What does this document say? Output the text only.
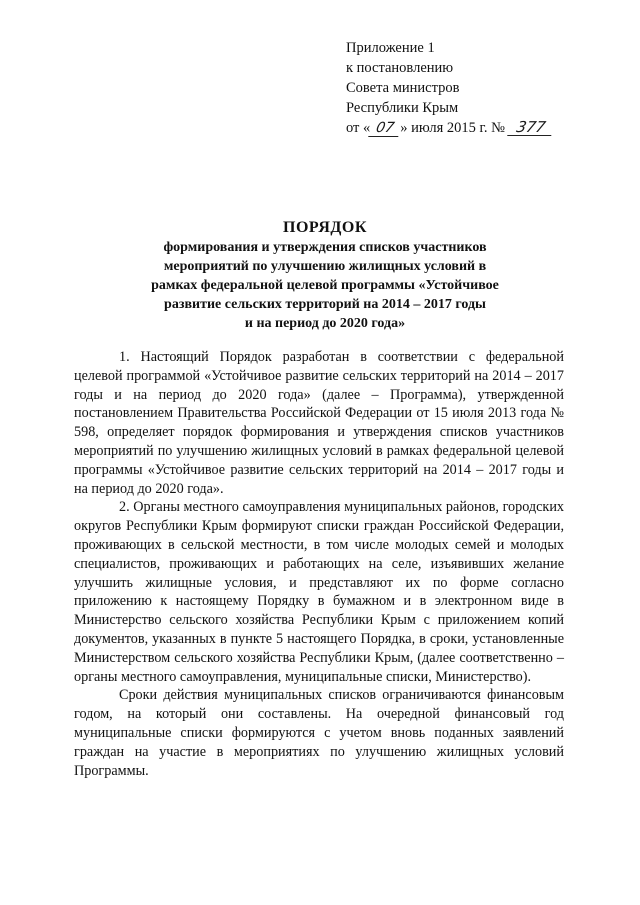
Приложение 1
к постановлению
Совета министров
Республики Крым
от « 07 » июля 2015 г. № 377
ПОРЯДОК
формирования и утверждения списков участников
мероприятий по улучшению жилищных условий в
рамках федеральной целевой программы «Устойчивое
развитие сельских территорий на 2014 – 2017 годы
и на период до 2020 года»

1. Настоящий Порядок разработан в соответствии с федеральной целевой программой «Устойчивое развитие сельских территорий на 2014 – 2017 годы и на период до 2020 года» (далее – Программа), утвержденной постановлением Правительства Российской Федерации от 15 июля 2013 года № 598, определяет порядок формирования и утверждения списков участников мероприятий по улучшению жилищных условий в рамках федеральной целевой программы «Устойчивое развитие сельских территорий на 2014 – 2017 годы и на период до 2020 года».

2. Органы местного самоуправления муниципальных районов, городских округов Республики Крым формируют списки граждан Российской Федерации, проживающих в сельской местности, в том числе молодых семей и молодых специалистов, проживающих и работающих на селе, изъявивших желание улучшить жилищные условия, и представляют их по форме согласно приложению к настоящему Порядку в бумажном и в электронном виде в Министерство сельского хозяйства Республики Крым с приложением копий документов, указанных в пункте 5 настоящего Порядка, в сроки, установленные Министерством сельского хозяйства Республики Крым, (далее соответственно – органы местного самоуправления, муниципальные списки, Министерство).

Сроки действия муниципальных списков ограничиваются финансовым годом, на который они составлены. На очередной финансовый год муниципальные списки формируются с учетом вновь поданных заявлений граждан на участие в мероприятиях по улучшению жилищных условий Программы.
